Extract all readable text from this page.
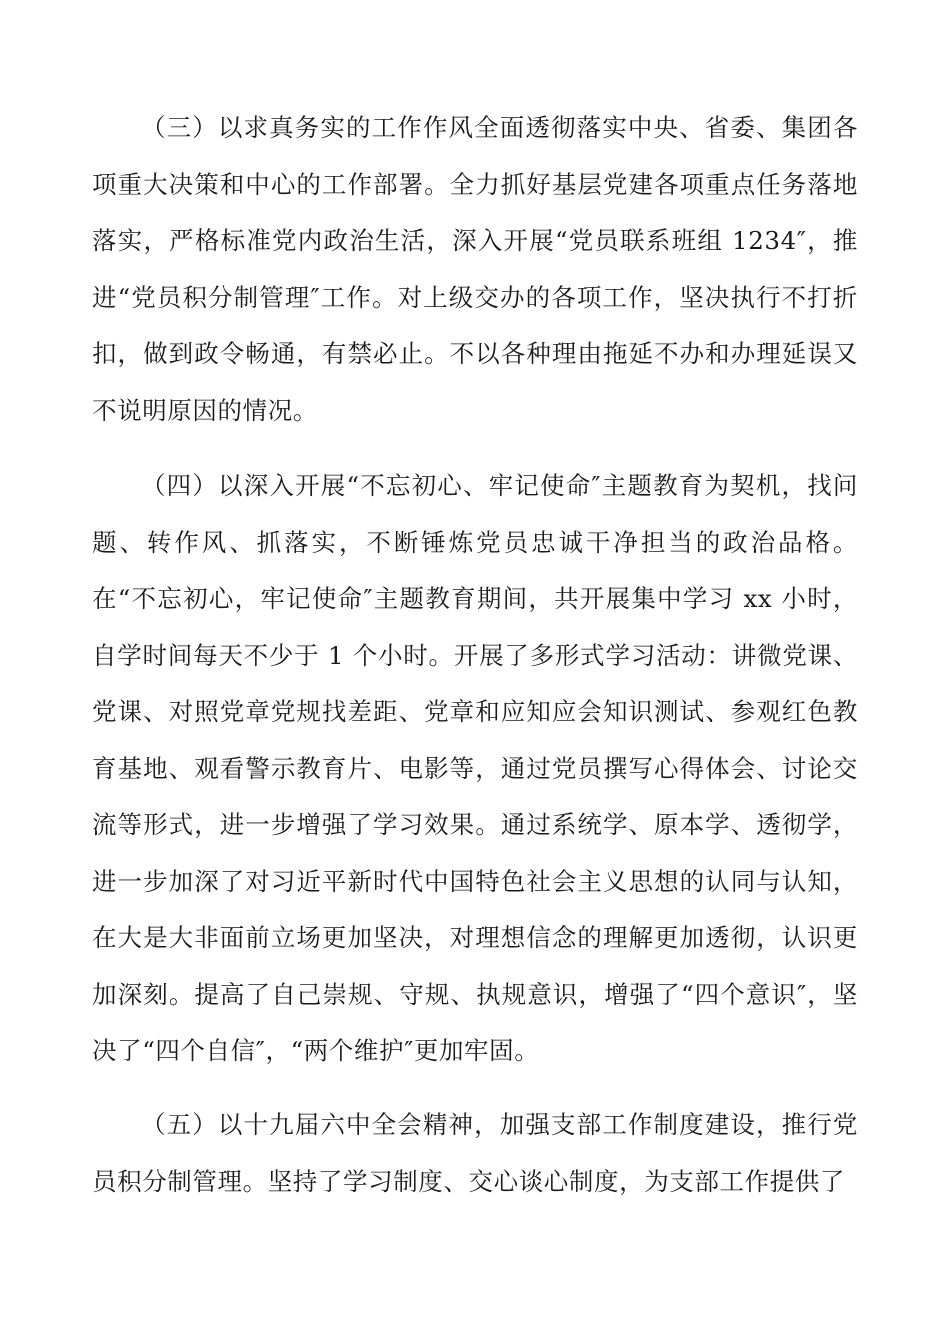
（三）以求真务实的工作作风全面透彻落实中央、省委、集团各项重大决策和中心的工作部署。全力抓好基层党建各项重点任务落地落实，严格标准党内政治生活，深入开展“党员联系班组 1234″，推进“党员积分制管理″工作。对上级交办的各项工作，坚决执行不打折扣，做到政令畅通，有禁必止。不以各种理由拖延不办和办理延误又不说明原因的情况。

（四）以深入开展“不忘初心、牢记使命″主题教育为契机，找问题、转作风、抓落实，不断锤炼党员忠诚干净担当的政治品格。在“不忘初心，牢记使命″主题教育期间，共开展集中学习 xx 小时，自学时间每天不少于 1 个小时。开展了多形式学习活动：讲微党课、党课、对照党章党规找差距、党章和应知应会知识测试、参观红色教育基地、观看警示教育片、电影等，通过党员撰写心得体会、讨论交流等形式，进一步增强了学习效果。通过系统学、原本学、透彻学，进一步加深了对习近平新时代中国特色社会主义思想的认同与认知，在大是大非面前立场更加坚决，对理想信念的理解更加透彻，认识更加深刻。提高了自己崇规、守规、执规意识，增强了“四个意识″，坚决了“四个自信″，“两个维护″更加牢固。

（五）以十九届六中全会精神，加强支部工作制度建设，推行党员积分制管理。坚持了学习制度、交心谈心制度，为支部工作提供了
